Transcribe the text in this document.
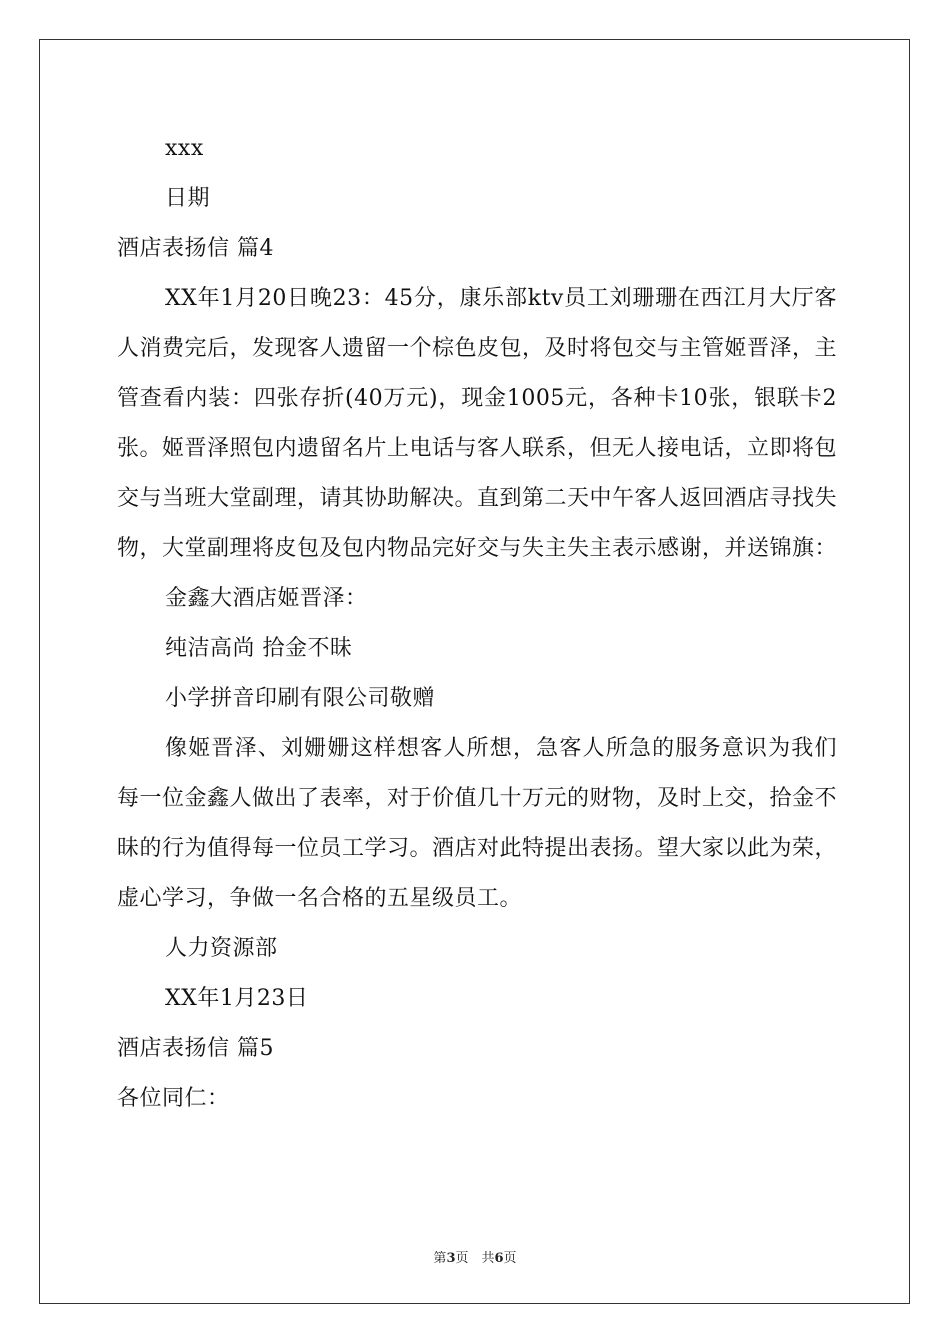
xxx
日期
酒店表扬信 篇4

XX年1月20日晚23：45分，康乐部ktv员工刘珊珊在西江月大厅客人消费完后，发现客人遗留一个棕色皮包，及时将包交与主管姬晋泽，主管查看内装：四张存折(40万元)，现金1005元，各种卡10张，银联卡2张。姬晋泽照包内遗留名片上电话与客人联系，但无人接电话，立即将包交与当班大堂副理，请其协助解决。直到第二天中午客人返回酒店寻找失物，大堂副理将皮包及包内物品完好交与失主失主表示感谢，并送锦旗：

金鑫大酒店姬晋泽：
纯洁高尚 拾金不昧
小学拼音印刷有限公司敬赠

像姬晋泽、刘姗姗这样想客人所想，急客人所急的服务意识为我们每一位金鑫人做出了表率，对于价值几十万元的财物，及时上交，拾金不昧的行为值得每一位员工学习。酒店对此特提出表扬。望大家以此为荣，虚心学习，争做一名合格的五星级员工。

人力资源部
XX年1月23日
酒店表扬信 篇5
各位同仁：
第3页　共6页
